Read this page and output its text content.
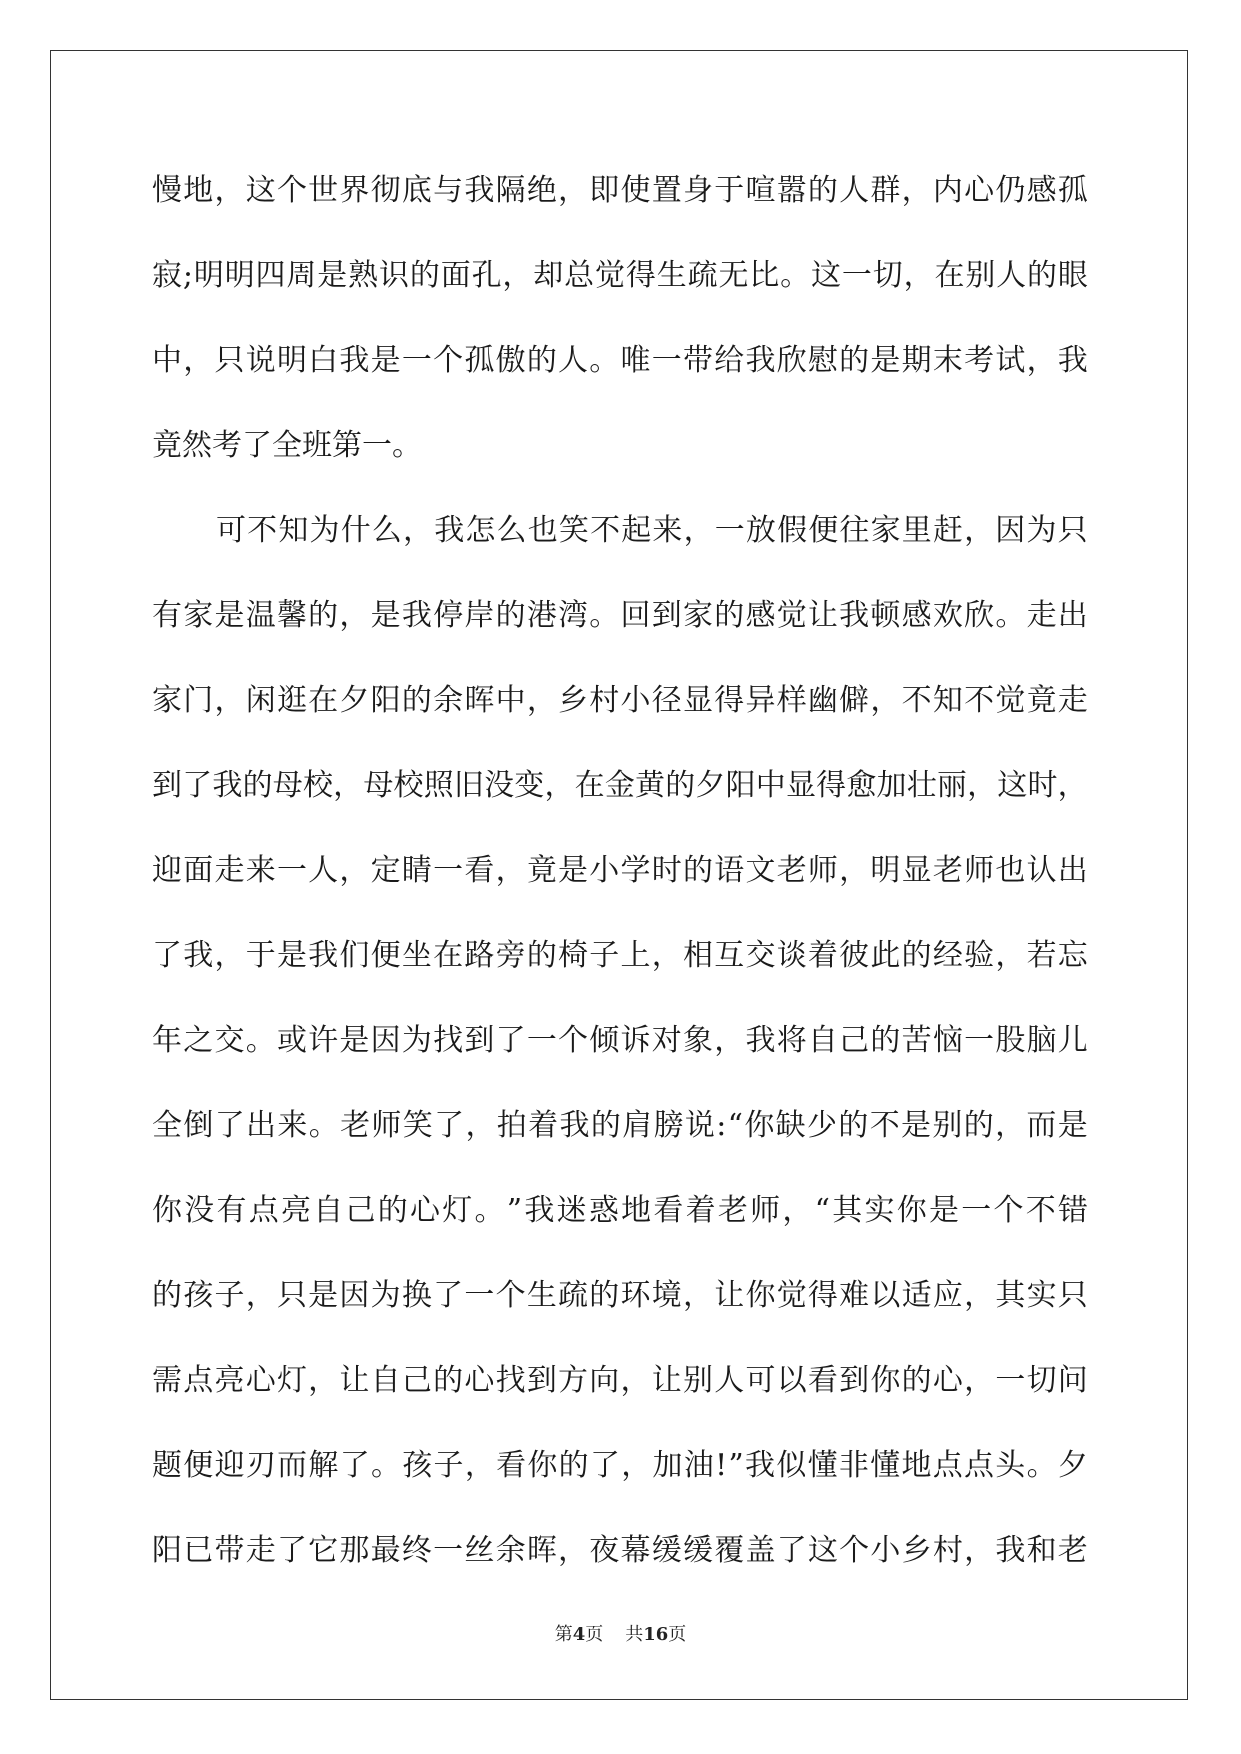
慢 地 ， 这 个 世 界 彻 底 与 我 隔 绝 ， 即 使 置 身 于 喧 嚣 的 人 群 ， 内 心 仍 感 孤
寂 ; 明 明 四 周 是 熟 识 的 面 孔 ， 却 总 觉 得 生 疏 无 比 。 这 一 切 ， 在 别 人 的 眼
中 ， 只 说 明 白 我 是 一 个 孤 傲 的 人 。 唯 一 带 给 我 欣 慰 的 是 期 末 考 试 ， 我
竟然考了全班第一。
可 不 知 为 什 么 ， 我 怎 么 也 笑 不 起 来 ， 一 放 假 便 往 家 里 赶 ， 因 为 只
有 家 是 温 馨 的 ， 是 我 停 岸 的 港 湾 。 回 到 家 的 感 觉 让 我 顿 感 欢 欣 。 走 出
家 门 ， 闲 逛 在 夕 阳 的 余 晖 中 ， 乡 村 小 径 显 得 异 样 幽 僻 ， 不 知 不 觉 竟 走
到 了 我 的 母 校 ， 母 校 照 旧 没 变 ， 在 金 黄 的 夕 阳 中 显 得 愈 加 壮 丽 ， 这 时 ，
迎 面 走 来 一 人 ， 定 睛 一 看 ， 竟 是 小 学 时 的 语 文 老 师 ， 明 显 老 师 也 认 出
了 我 ， 于 是 我 们 便 坐 在 路 旁 的 椅 子 上 ， 相 互 交 谈 着 彼 此 的 经 验 ， 若 忘
年 之 交 。 或 许 是 因 为 找 到 了 一 个 倾 诉 对 象 ， 我 将 自 己 的 苦 恼 一 股 脑 儿
全 倒 了 出 来 。 老 师 笑 了 ， 拍 着 我 的 肩 膀 说 : “ 你 缺 少 的 不 是 别 的 ， 而 是
你 没 有 点 亮 自 己 的 心 灯 。 ” 我 迷 惑 地 看 着 老 师 ， “ 其 实 你 是 一 个 不 错
的 孩 子 ， 只 是 因 为 换 了 一 个 生 疏 的 环 境 ， 让 你 觉 得 难 以 适 应 ， 其 实 只
需 点 亮 心 灯 ， 让 自 己 的 心 找 到 方 向 ， 让 别 人 可 以 看 到 你 的 心 ， 一 切 问
题 便 迎 刃 而 解 了 。 孩 子 ， 看 你 的 了 ， 加 油 ! ” 我 似 懂 非 懂 地 点 点 头 。 夕
阳 已 带 走 了 它 那 最 终 一 丝 余 晖 ， 夜 幕 缓 缓 覆 盖 了 这 个 小 乡 村 ， 我 和 老
第4页 共16页
